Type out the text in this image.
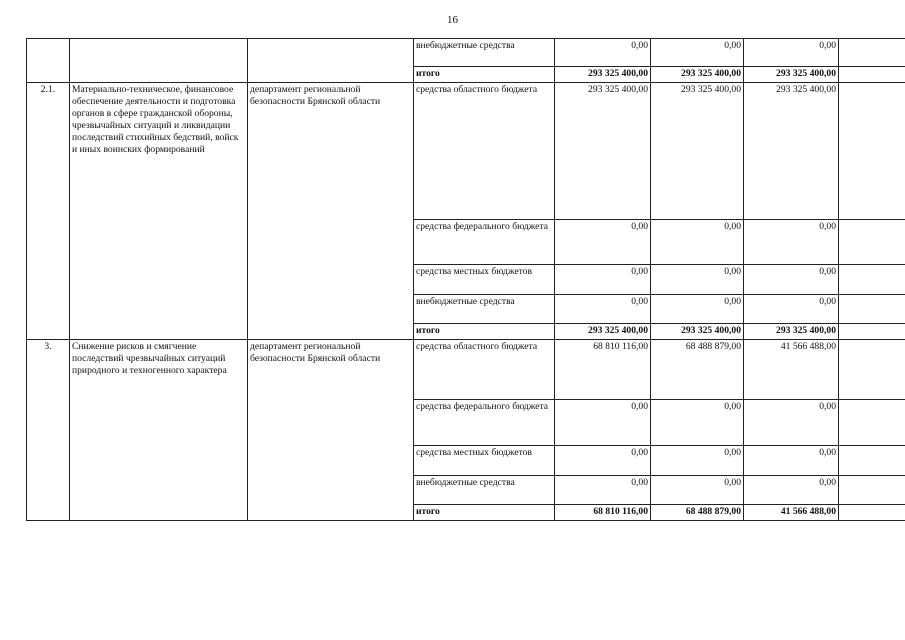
16
			внебюджетные средства	0,00	0,00	0,00	
			итого	293 325 400,00	293 325 400,00	293 325 400,00	
2.1.	Материально-техническое, финансовое обеспечение деятельности и подготовка органов в сфере гражданской обороны, чрезвычайных ситуаций и ликвидации последствий стихийных бедствий, войск и иных воинских формирований	департамент региональной безопасности Брянской области	средства областного бюджета	293 325 400,00	293 325 400,00	293 325 400,00	
			средства федерального бюджета	0,00	0,00	0,00	
			средства местных бюджетов	0,00	0,00	0,00	
			внебюджетные средства	0,00	0,00	0,00	
			итого	293 325 400,00	293 325 400,00	293 325 400,00	
3.	Снижение рисков и смягчение последствий чрезвычайных ситуаций природного и техногенного характера	департамент региональной безопасности Брянской области	средства областного бюджета	68 810 116,00	68 488 879,00	41 566 488,00	
			средства федерального бюджета	0,00	0,00	0,00	
			средства местных бюджетов	0,00	0,00	0,00	
			внебюджетные средства	0,00	0,00	0,00	
			итого	68 810 116,00	68 488 879,00	41 566 488,00	
